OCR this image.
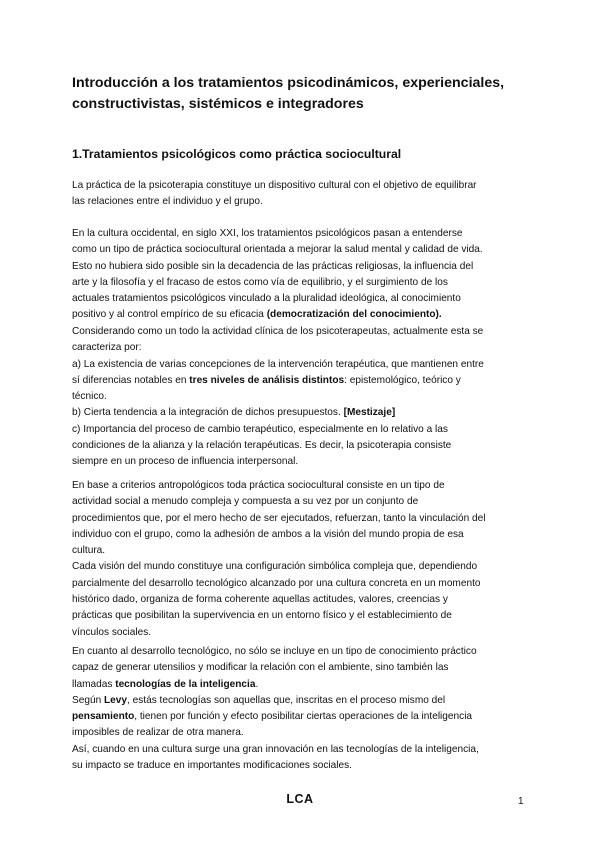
Introducción a los tratamientos psicodinámicos, experienciales, constructivistas, sistémicos e integradores
1.Tratamientos psicológicos como práctica sociocultural

La práctica de la psicoterapia constituye un dispositivo cultural con el objetivo de equilibrar
las relaciones entre el individuo y el grupo.

En la cultura occidental, en siglo XXI, los tratamientos psicológicos pasan a entenderse
como un tipo de práctica sociocultural orientada a mejorar la salud mental y calidad de vida.
Esto no hubiera sido posible sin la decadencia de las prácticas religiosas, la influencia del
arte y la filosofía y el fracaso de estos como vía de equilibrio, y el surgimiento de los
actuales tratamientos psicológicos vinculado a la pluralidad ideológica, al conocimiento
positivo y al control empírico de su eficacia (democratización del conocimiento).

Considerando como un todo la actividad clínica de los psicoterapeutas, actualmente esta se
caracteriza por:
a) La existencia de varias concepciones de la intervención terapéutica, que mantienen entre
sí diferencias notables en tres niveles de análisis distintos: epistemológico, teórico y
técnico.
b) Cierta tendencia a la integración de dichos presupuestos. [Mestizaje]
c) Importancia del proceso de cambio terapéutico, especialmente en lo relativo a las
condiciones de la alianza y la relación terapéuticas. Es decir, la psicoterapia consiste
siempre en un proceso de influencia interpersonal.

En base a criterios antropológicos toda práctica sociocultural consiste en un tipo de
actividad social a menudo compleja y compuesta a su vez por un conjunto de
procedimientos que, por el mero hecho de ser ejecutados, refuerzan, tanto la vinculación del
individuo con el grupo, como la adhesión de ambos a la visión del mundo propia de esa
cultura.
Cada visión del mundo constituye una configuración simbólica compleja que, dependiendo
parcialmente del desarrollo tecnológico alcanzado por una cultura concreta en un momento
histórico dado, organiza de forma coherente aquellas actitudes, valores, creencias y
prácticas que posibilitan la supervivencia en un entorno físico y el establecimiento de
vínculos sociales.

En cuanto al desarrollo tecnológico, no sólo se incluye en un tipo de conocimiento práctico
capaz de generar utensilios y modificar la relación con el ambiente, sino también las
llamadas tecnologías de la inteligencia.
Según Levy, estás tecnologías son aquellas que, inscritas en el proceso mismo del
pensamiento, tienen por función y efecto posibilitar ciertas operaciones de la inteligencia
imposibles de realizar de otra manera.
Así, cuando en una cultura surge una gran innovación en las tecnologías de la inteligencia,
su impacto se traduce en importantes modificaciones sociales.

LCA	1
